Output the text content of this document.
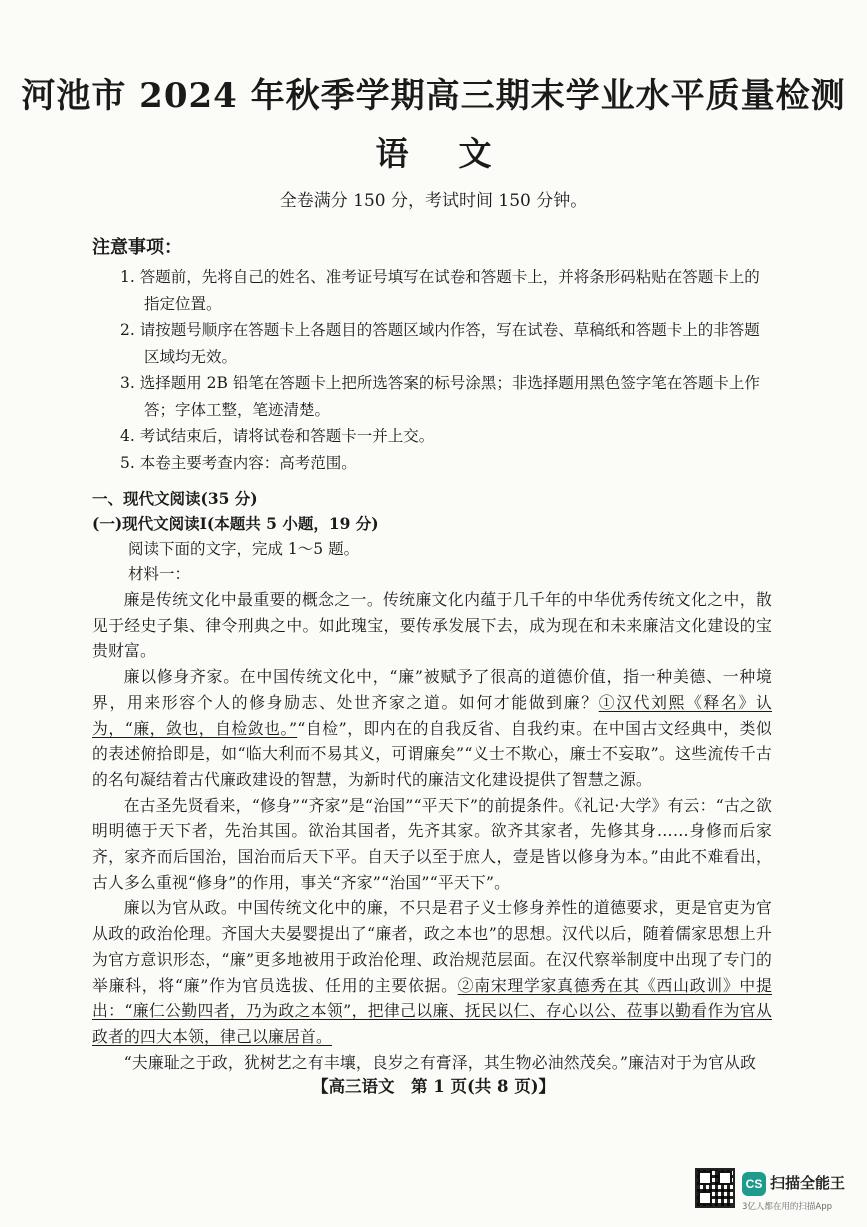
河池市 2024 年秋季学期高三期末学业水平质量检测
语文
全卷满分 150 分，考试时间 150 分钟。
注意事项：
1. 答题前，先将自己的姓名、准考证号填写在试卷和答题卡上，并将条形码粘贴在答题卡上的指定位置。
2. 请按题号顺序在答题卡上各题目的答题区域内作答，写在试卷、草稿纸和答题卡上的非答题区域均无效。
3. 选择题用 2B 铅笔在答题卡上把所选答案的标号涂黑；非选择题用黑色签字笔在答题卡上作答；字体工整，笔迹清楚。
4. 考试结束后，请将试卷和答题卡一并上交。
5. 本卷主要考查内容：高考范围。
一、现代文阅读(35 分)
(一)现代文阅读Ⅰ(本题共 5 小题，19 分)
阅读下面的文字，完成 1～5 题。
材料一：

廉是传统文化中最重要的概念之一。传统廉文化内蕴于几千年的中华优秀传统文化之中，散见于经史子集、律令刑典之中。如此瑰宝，要传承发展下去，成为现在和未来廉洁文化建设的宝贵财富。

廉以修身齐家。在中国传统文化中，“廉”被赋予了很高的道德价值，指一种美德、一种境界，用来形容个人的修身励志、处世齐家之道。如何才能做到廉？①汉代刘熙《释名》认为，“廉，敛也，自检敛也。”“自检”，即内在的自我反省、自我约束。在中国古文经典中，类似的表述俯拾即是，如“临大利而不易其义，可谓廉矣”“义士不欺心，廉士不妄取”。这些流传千古的名句凝结着古代廉政建设的智慧，为新时代的廉洁文化建设提供了智慧之源。

在古圣先贤看来，“修身”“齐家”是“治国”“平天下”的前提条件。《礼记·大学》有云：“古之欲明明德于天下者，先治其国。欲治其国者，先齐其家。欲齐其家者，先修其身……身修而后家齐，家齐而后国治，国治而后天下平。自天子以至于庶人，壹是皆以修身为本。”由此不难看出，古人多么重视“修身”的作用，事关“齐家”“治国”“平天下”。

廉以为官从政。中国传统文化中的廉，不只是君子义士修身养性的道德要求，更是官吏为官从政的政治伦理。齐国大夫晏婴提出了“廉者，政之本也”的思想。汉代以后，随着儒家思想上升为官方意识形态，“廉”更多地被用于政治伦理、政治规范层面。在汉代察举制度中出现了专门的举廉科，将“廉”作为官员选拔、任用的主要依据。②南宋理学家真德秀在其《西山政训》中提出：“廉仁公勤四者，乃为政之本领”，把律己以廉、抚民以仁、存心以公、莅事以勤看作为官从政者的四大本领，律己以廉居首。

“夫廉耻之于政，犹树艺之有丰壤，良岁之有膏泽，其生物必油然茂矣。”廉洁对于为官从政

【高三语文　第 1 页(共 8 页)】
CS 扫描全能王
3亿人都在用的扫描App
